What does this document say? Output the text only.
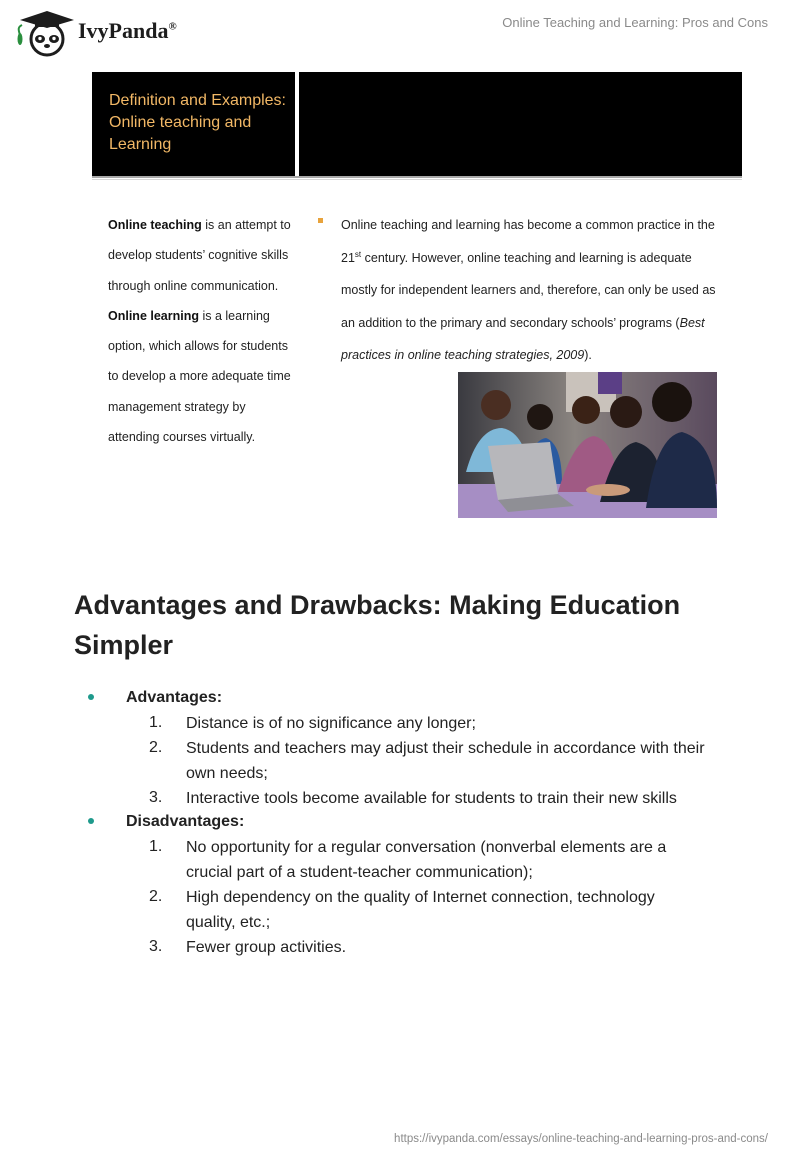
IvyPanda®	Online Teaching and Learning: Pros and Cons
Definition and Examples: Online teaching and Learning
Online teaching is an attempt to develop students’ cognitive skills through online communication.
Online learning is a learning option, which allows for students to develop a more adequate time management strategy by attending courses virtually.
Online teaching and learning has become a common practice in the 21st century. However, online teaching and learning is adequate mostly for independent learners and, therefore, can only be used as an addition to the primary and secondary schools’ programs (Best practices in online teaching strategies, 2009).
Advantages and Drawbacks: Making Education Simpler
Advantages:
1. Distance is of no significance any longer;
2. Students and teachers may adjust their schedule in accordance with their own needs;
3. Interactive tools become available for students to train their new skills
Disadvantages:
1. No opportunity for a regular conversation (nonverbal elements are a crucial part of a student-teacher communication);
2. High dependency on the quality of Internet connection, technology quality, etc.;
3. Fewer group activities.
https://ivypanda.com/essays/online-teaching-and-learning-pros-and-cons/
